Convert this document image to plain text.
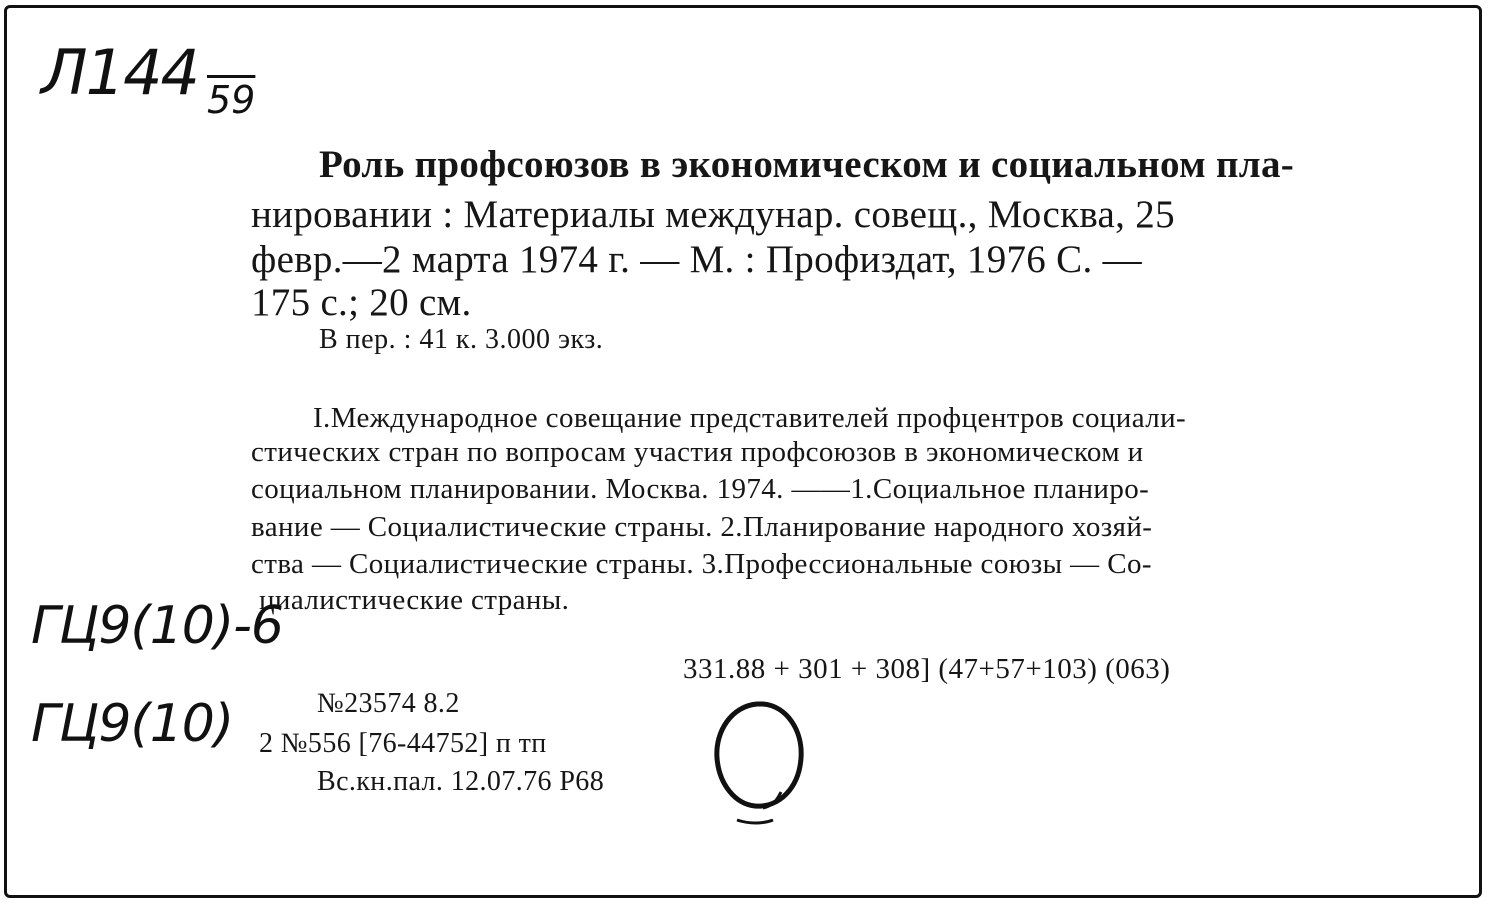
Л144 59
Роль профсоюзов в экономическом и социальном пла-
нировании : Материалы междунар. совещ., Москва, 25
февр.—2 марта 1974 г. — М. : Профиздат, 1976 С. —
175 с.; 20 см.
В пер. : 41 к. 3.000 экз.
I.Международное совещание представителей профцентров социали-
стических стран по вопросам участия профсоюзов в экономическом и
социальном планировании. Москва. 1974. ——1.Социальное планиро-
вание — Социалистические страны. 2.Планирование народного хозяй-
ства — Социалистические страны. 3.Профессиональные союзы — Со-
циалистические страны.
ГЦ9(10)-6
ГЦ9(10)
331.88 + 301 + 308] (47+57+103) (063)
№23574 8.2
2 №556 [76-44752] п тп
Вс.кн.пал. 12.07.76 Р68
